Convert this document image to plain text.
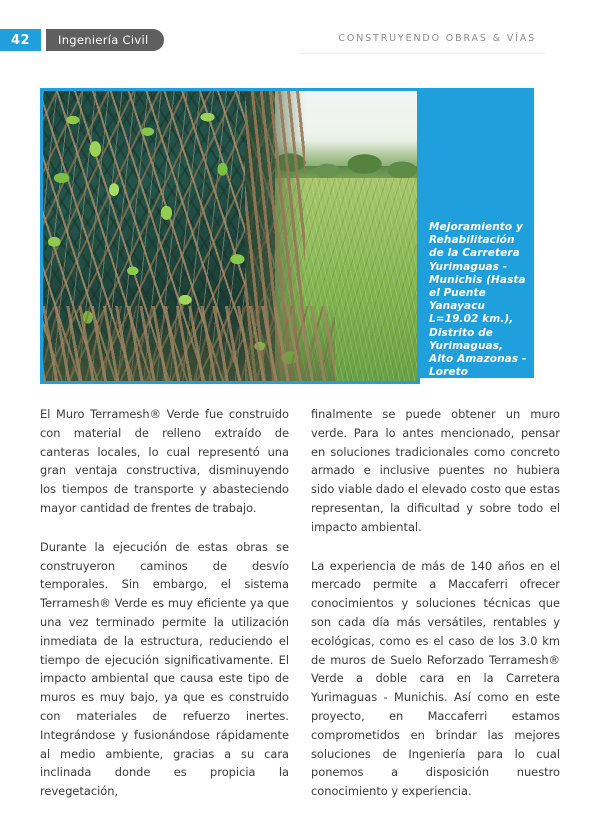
42	Ingeniería Civil	CONSTRUYENDO OBRAS & VÍAS
Mejoramiento y Rehabilitación de la Carretera Yurimaguas - Munichis (Hasta el Puente Yanayacu L=19.02 km.), Distrito de Yurimaguas, Alto Amazonas - Loreto

El Muro Terramesh® Verde fue construido con material de relleno extraído de canteras locales, lo cual representó una gran ventaja constructiva, disminuyendo los tiempos de transporte y abasteciendo mayor cantidad de frentes de trabajo.

Durante la ejecución de estas obras se construyeron caminos de desvío temporales. Sin embargo, el sistema Terramesh® Verde es muy eficiente ya que una vez terminado permite la utilización inmediata de la estructura, reduciendo el tiempo de ejecución significativamente. El impacto ambiental que causa este tipo de muros es muy bajo, ya que es construido con materiales de refuerzo inertes. Integrándose y fusionándose rápidamente al medio ambiente, gracias a su cara inclinada donde es propicia la revegetación,

finalmente se puede obtener un muro verde. Para lo antes mencionado, pensar en soluciones tradicionales como concreto armado e inclusive puentes no hubiera sido viable dado el elevado costo que estas representan, la dificultad y sobre todo el impacto ambiental.

La experiencia de más de 140 años en el mercado permite a Maccaferri ofrecer conocimientos y soluciones técnicas que son cada día más versátiles, rentables y ecológicas, como es el caso de los 3.0 km de muros de Suelo Reforzado Terramesh® Verde a doble cara en la Carretera Yurimaguas - Munichis. Así como en este proyecto, en Maccaferri estamos comprometidos en brindar las mejores soluciones de Ingeniería para lo cual ponemos a disposición nuestro conocimiento y experiencia.
